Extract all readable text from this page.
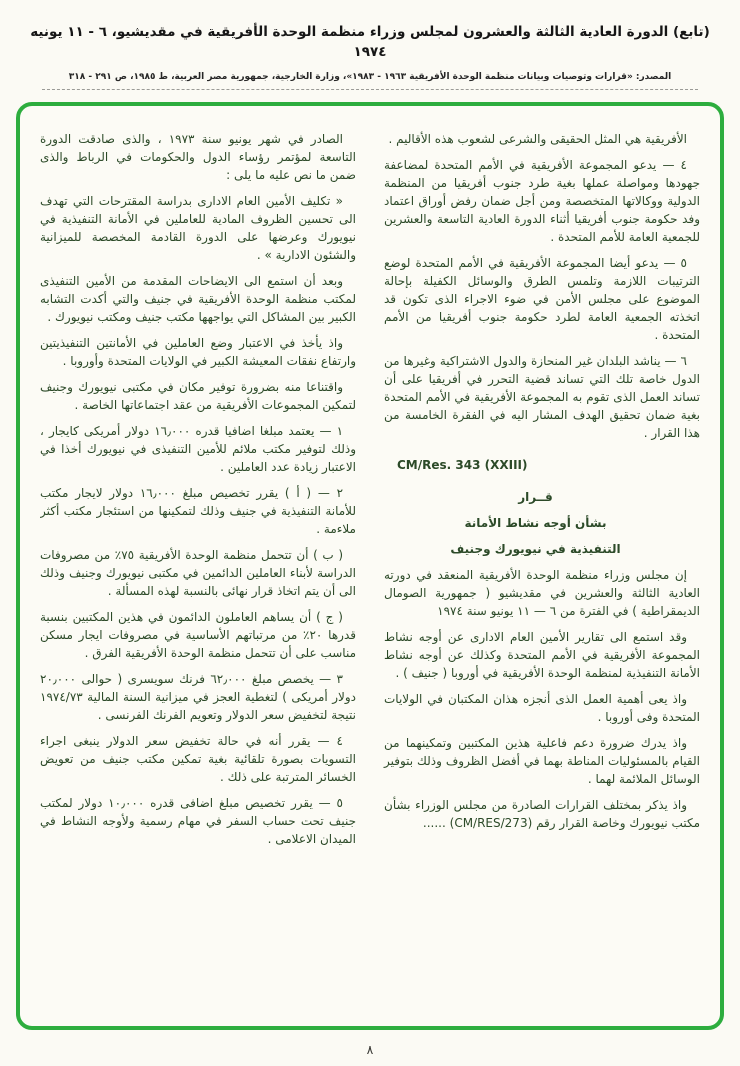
(تابع) الدورة العادية الثالثة والعشرون لمجلس وزراء منظمة الوحدة الأفريقية في مقديشيو، ٦ - ١١ يونيه ١٩٧٤
المصدر: «قرارات وتوصيات وبيانات منظمة الوحدة الأفريقية ١٩٦٣ - ١٩٨٣»، وزارة الخارجية، جمهورية مصر العربية، ط ١٩٨٥، ص ٢٩١ - ٣١٨

الأفريقية هي المثل الحقيقى والشرعى لشعوب هذه الأقاليم .

٤ — يدعو المجموعة الأفريقية في الأمم المتحدة لمضاعفة جهودها ومواصلة عملها بغية طرد جنوب أفريقيا من المنظمة الدولية ووكالاتها المتخصصة ومن أجل ضمان رفض أوراق اعتماد وفد حكومة جنوب أفريقيا أثناء الدورة العادية التاسعة والعشرين للجمعية العامة للأمم المتحدة .

٥ — يدعو أيضا المجموعة الأفريقية في الأمم المتحدة لوضع الترتيبات اللازمة وتلمس الطرق والوسائل الكفيلة بإحالة الموضوع على مجلس الأمن في ضوء الاجراء الذى تكون قد اتخذته الجمعية العامة لطرد حكومة جنوب أفريقيا من الأمم المتحدة .

٦ — يناشد البلدان غير المنحازة والدول الاشتراكية وغيرها من الدول خاصة تلك التي تساند قضية التحرر في أفريقيا على أن تساند العمل الذى تقوم به المجموعة الأفريقية في الأمم المتحدة بغية ضمان تحقيق الهدف المشار اليه في الفقرة الخامسة من هذا القرار .

CM/Res. 343 (XXIII)

قــرار

بشأن أوجه نشاط الأمانة

التنفيذية في نيويورك وجنيف

إن مجلس وزراء منظمة الوحدة الأفريقية المنعقد في دورته العادية الثالثة والعشرين في مقديشيو ( جمهورية الصومال الديمقراطية ) في الفترة من ٦ — ١١ يونيو سنة ١٩٧٤

وقد استمع الى تقارير الأمين العام الادارى عن أوجه نشاط المجموعة الأفريقية في الأمم المتحدة وكذلك عن أوجه نشاط الأمانة التنفيذية لمنظمة الوحدة الأفريقية في أوروبا ( جنيف ) .

واذ يعى أهمية العمل الذى أنجزه هذان المكتبان في الولايات المتحدة وفى أوروبا .

واذ يدرك ضرورة دعم فاعلية هذين المكتبين وتمكينهما من القيام بالمسئوليات المناطة بهما في أفضل الظروف وذلك بتوفير الوسائل الملائمة لهما .

واذ يذكر بمختلف القرارات الصادرة من مجلس الوزراء بشأن مكتب نيويورك وخاصة القرار رقم (CM/RES/273) ......

الصادر في شهر يونيو سنة ١٩٧٣ ، والذى صادقت الدورة التاسعة لمؤتمر رؤساء الدول والحكومات في الرباط والذى ضمن ما نص عليه ما يلى :

« تكليف الأمين العام الادارى بدراسة المقترحات التي تهدف الى تحسين الظروف المادية للعاملين في الأمانة التنفيذية في نيويورك وعرضها على الدورة القادمة المخصصة للميزانية والشئون الادارية » .

وبعد أن استمع الى الايضاحات المقدمة من الأمين التنفيذى لمكتب منظمة الوحدة الأفريقية في جنيف والتي أكدت التشابه الكبير بين المشاكل التي يواجهها مكتب جنيف ومكتب نيويورك .

واذ يأخذ في الاعتبار وضع العاملين في الأمانتين التنفيذيتين وارتفاع نفقات المعيشة الكبير في الولايات المتحدة وأوروبا .

واقتناعا منه بضرورة توفير مكان في مكتبى نيويورك وجنيف لتمكين المجموعات الأفريقية من عقد اجتماعاتها الخاصة .

١ — يعتمد مبلغا اضافيا قدره ١٦٫٠٠٠ دولار أمريكى كايجار ، وذلك لتوفير مكتب ملائم للأمين التنفيذى في نيويورك أخذا في الاعتبار زيادة عدد العاملين .

٢ — ( أ ) يقرر تخصيص مبلغ ١٦٫٠٠٠ دولار لايجار مكتب للأمانة التنفيذية في جنيف وذلك لتمكينها من استئجار مكتب أكثر ملاءمة .

( ب ) أن تتحمل منظمة الوحدة الأفريقية ٧٥٪ من مصروفات الدراسة لأبناء العاملين الدائمين في مكتبى نيويورك وجنيف وذلك الى أن يتم اتخاذ قرار نهائى بالنسبة لهذه المسألة .

( ج ) أن يساهم العاملون الدائمون في هذين المكتبين بنسبة قدرها ٢٠٪ من مرتباتهم الأساسية في مصروفات ايجار مسكن مناسب على أن تتحمل منظمة الوحدة الأفريقية الفرق .

٣ — يخصص مبلغ ٦٢٫٠٠٠ فرنك سويسرى ( حوالى ٢٠٫٠٠٠ دولار أمريكى ) لتغطية العجز في ميزانية السنة المالية ١٩٧٤/٧٣ نتيجة لتخفيض سعر الدولار وتعويم الفرنك الفرنسى .

٤ — يقرر أنه في حالة تخفيض سعر الدولار ينبغى اجراء التسويات بصورة تلقائية بغية تمكين مكتب جنيف من تعويض الخسائر المترتبة على ذلك .

٥ — يقرر تخصيص مبلغ اضافى قدره ١٠٫٠٠٠ دولار لمكتب جنيف تحت حساب السفر في مهام رسمية ولأوجه النشاط في الميدان الاعلامى .

٨
